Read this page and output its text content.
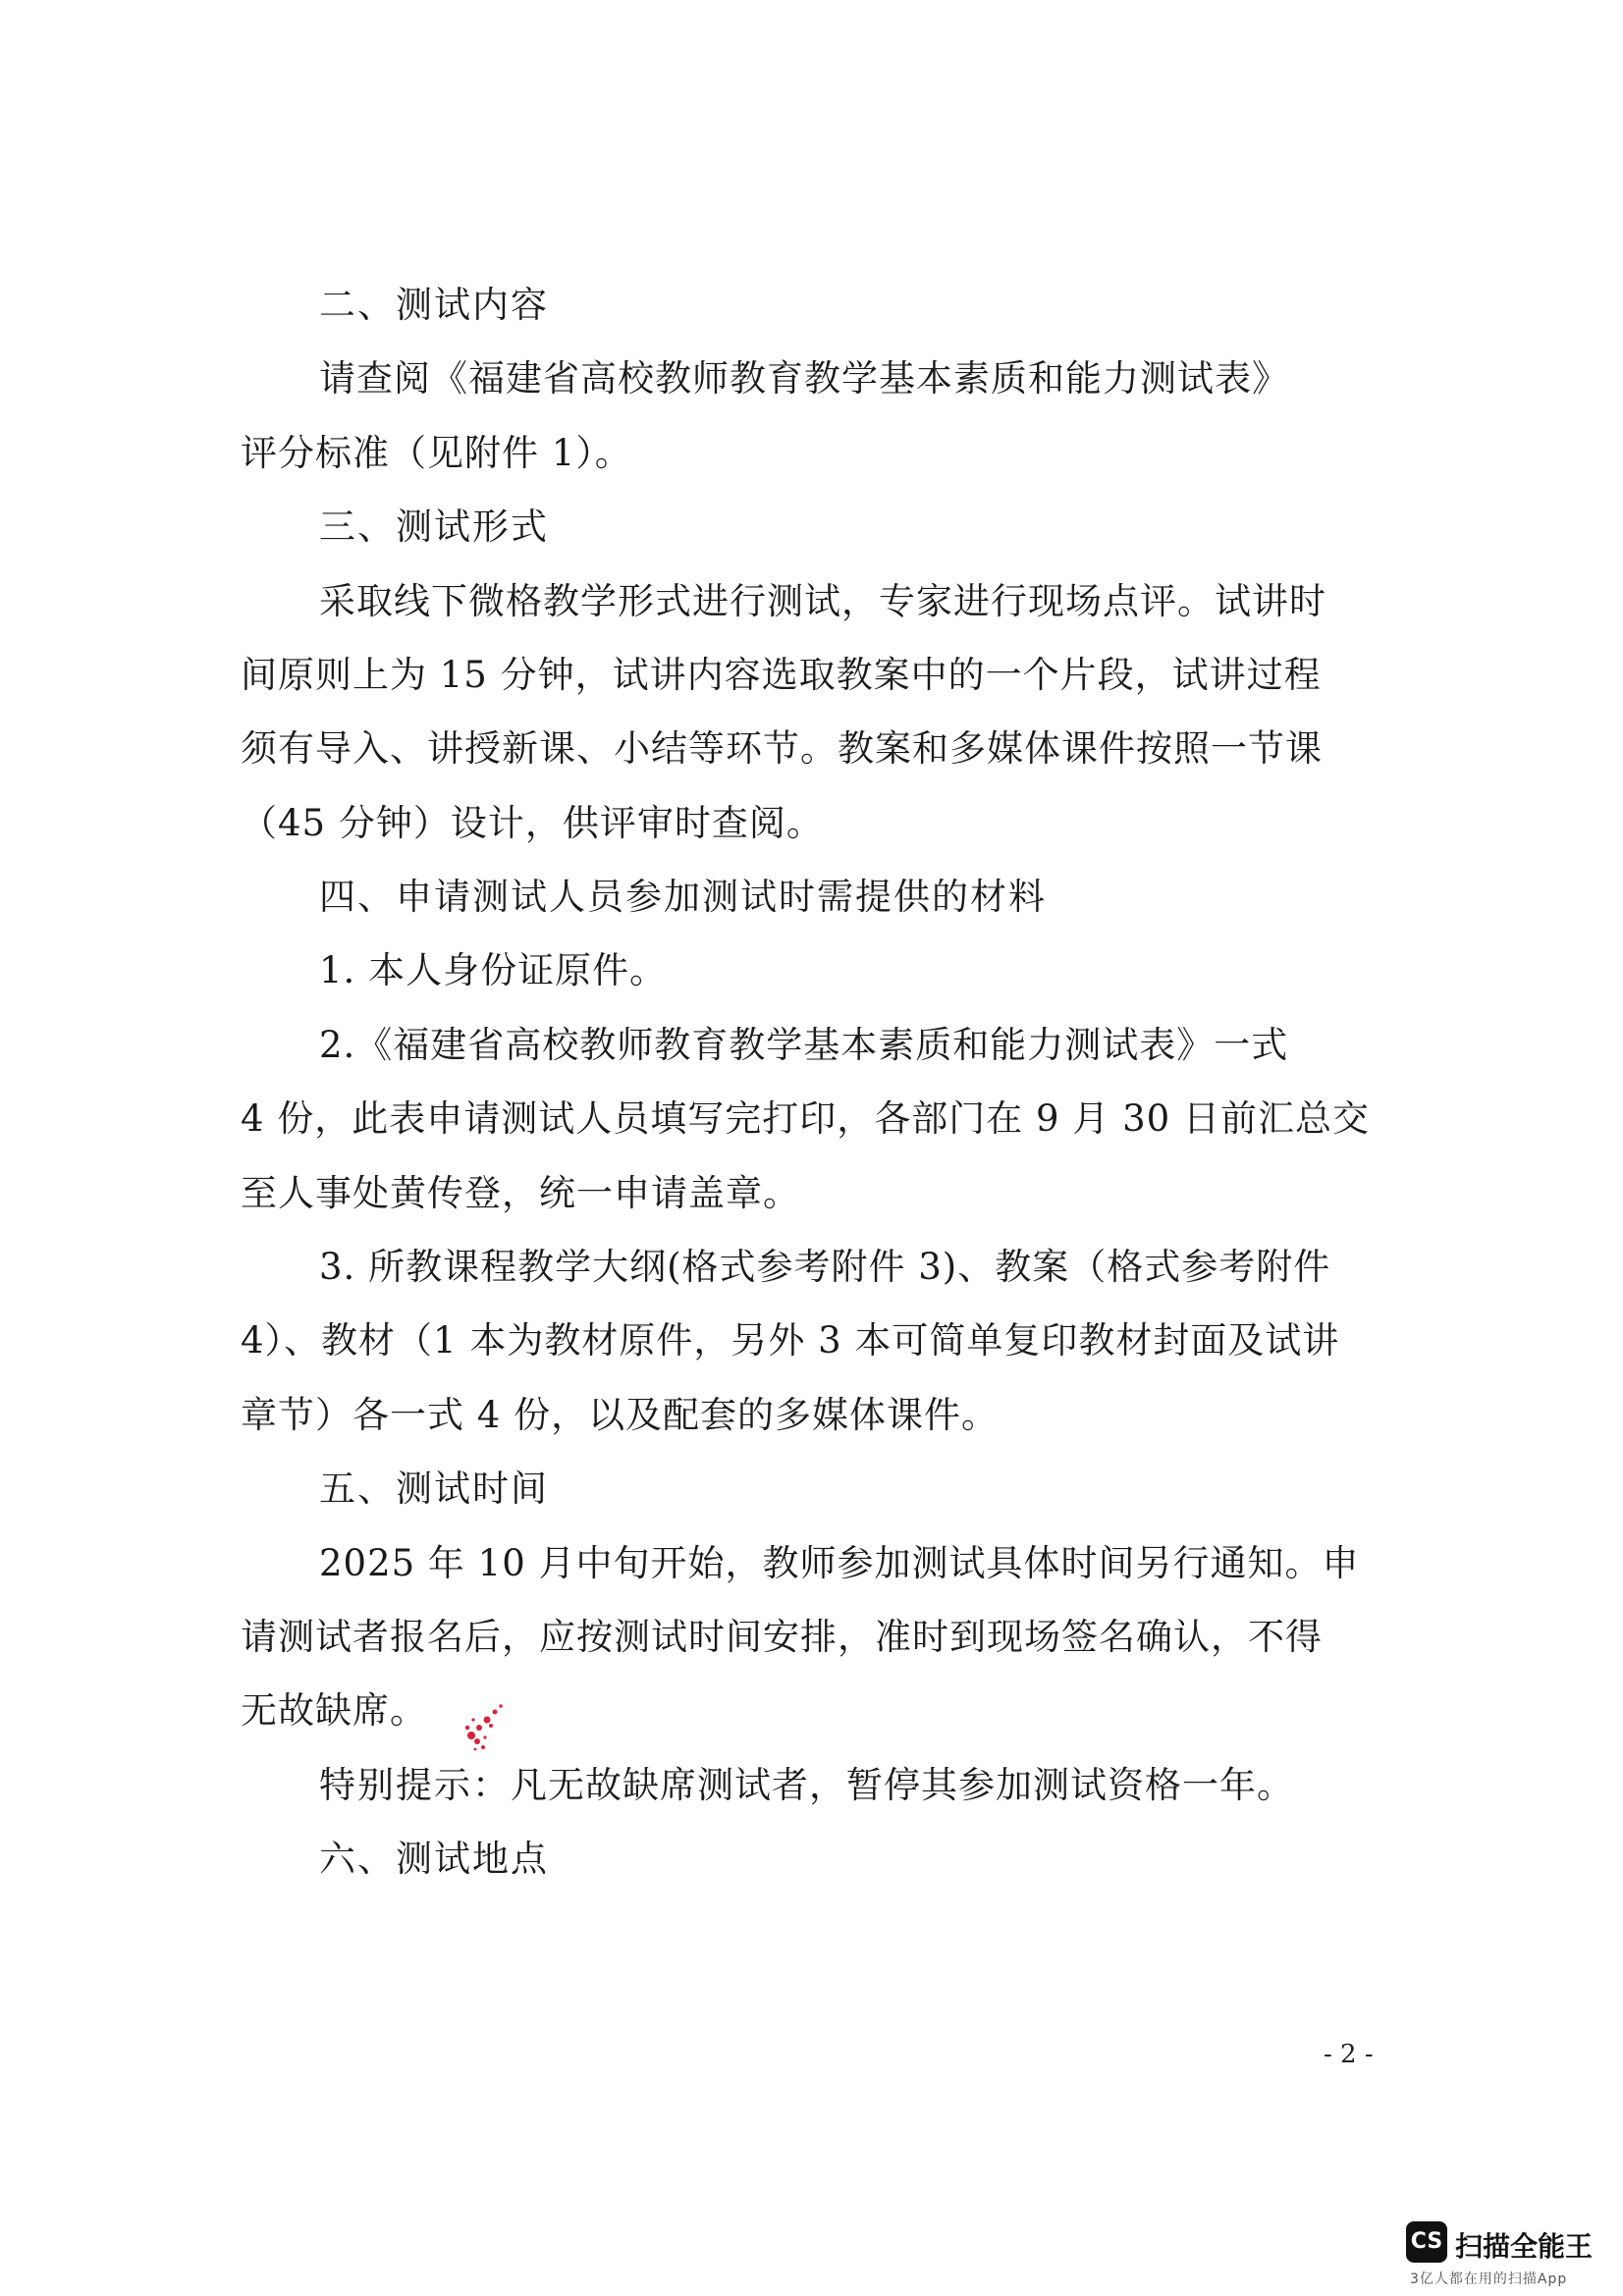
二、测试内容
请查阅《福建省高校教师教育教学基本素质和能力测试表》
评分标准（见附件 1）。
三、测试形式
采取线下微格教学形式进行测试，专家进行现场点评。试讲时
间原则上为 15 分钟，试讲内容选取教案中的一个片段，试讲过程
须有导入、讲授新课、小结等环节。教案和多媒体课件按照一节课
（45 分钟）设计，供评审时查阅。
四、申请测试人员参加测试时需提供的材料
1. 本人身份证原件。
2.《福建省高校教师教育教学基本素质和能力测试表》一式
4 份，此表申请测试人员填写完打印，各部门在 9 月 30 日前汇总交
至人事处黄传登，统一申请盖章。
3. 所教课程教学大纲(格式参考附件 3)、教案（格式参考附件
4）、教材（1 本为教材原件，另外 3 本可简单复印教材封面及试讲
章节）各一式 4 份，以及配套的多媒体课件。
五、测试时间
2025 年 10 月中旬开始，教师参加测试具体时间另行通知。申
请测试者报名后，应按测试时间安排，准时到现场签名确认，不得
无故缺席。
特别提示：凡无故缺席测试者，暂停其参加测试资格一年。
六、测试地点
- 2 -
CS 扫描全能王
3亿人都在用的扫描App
